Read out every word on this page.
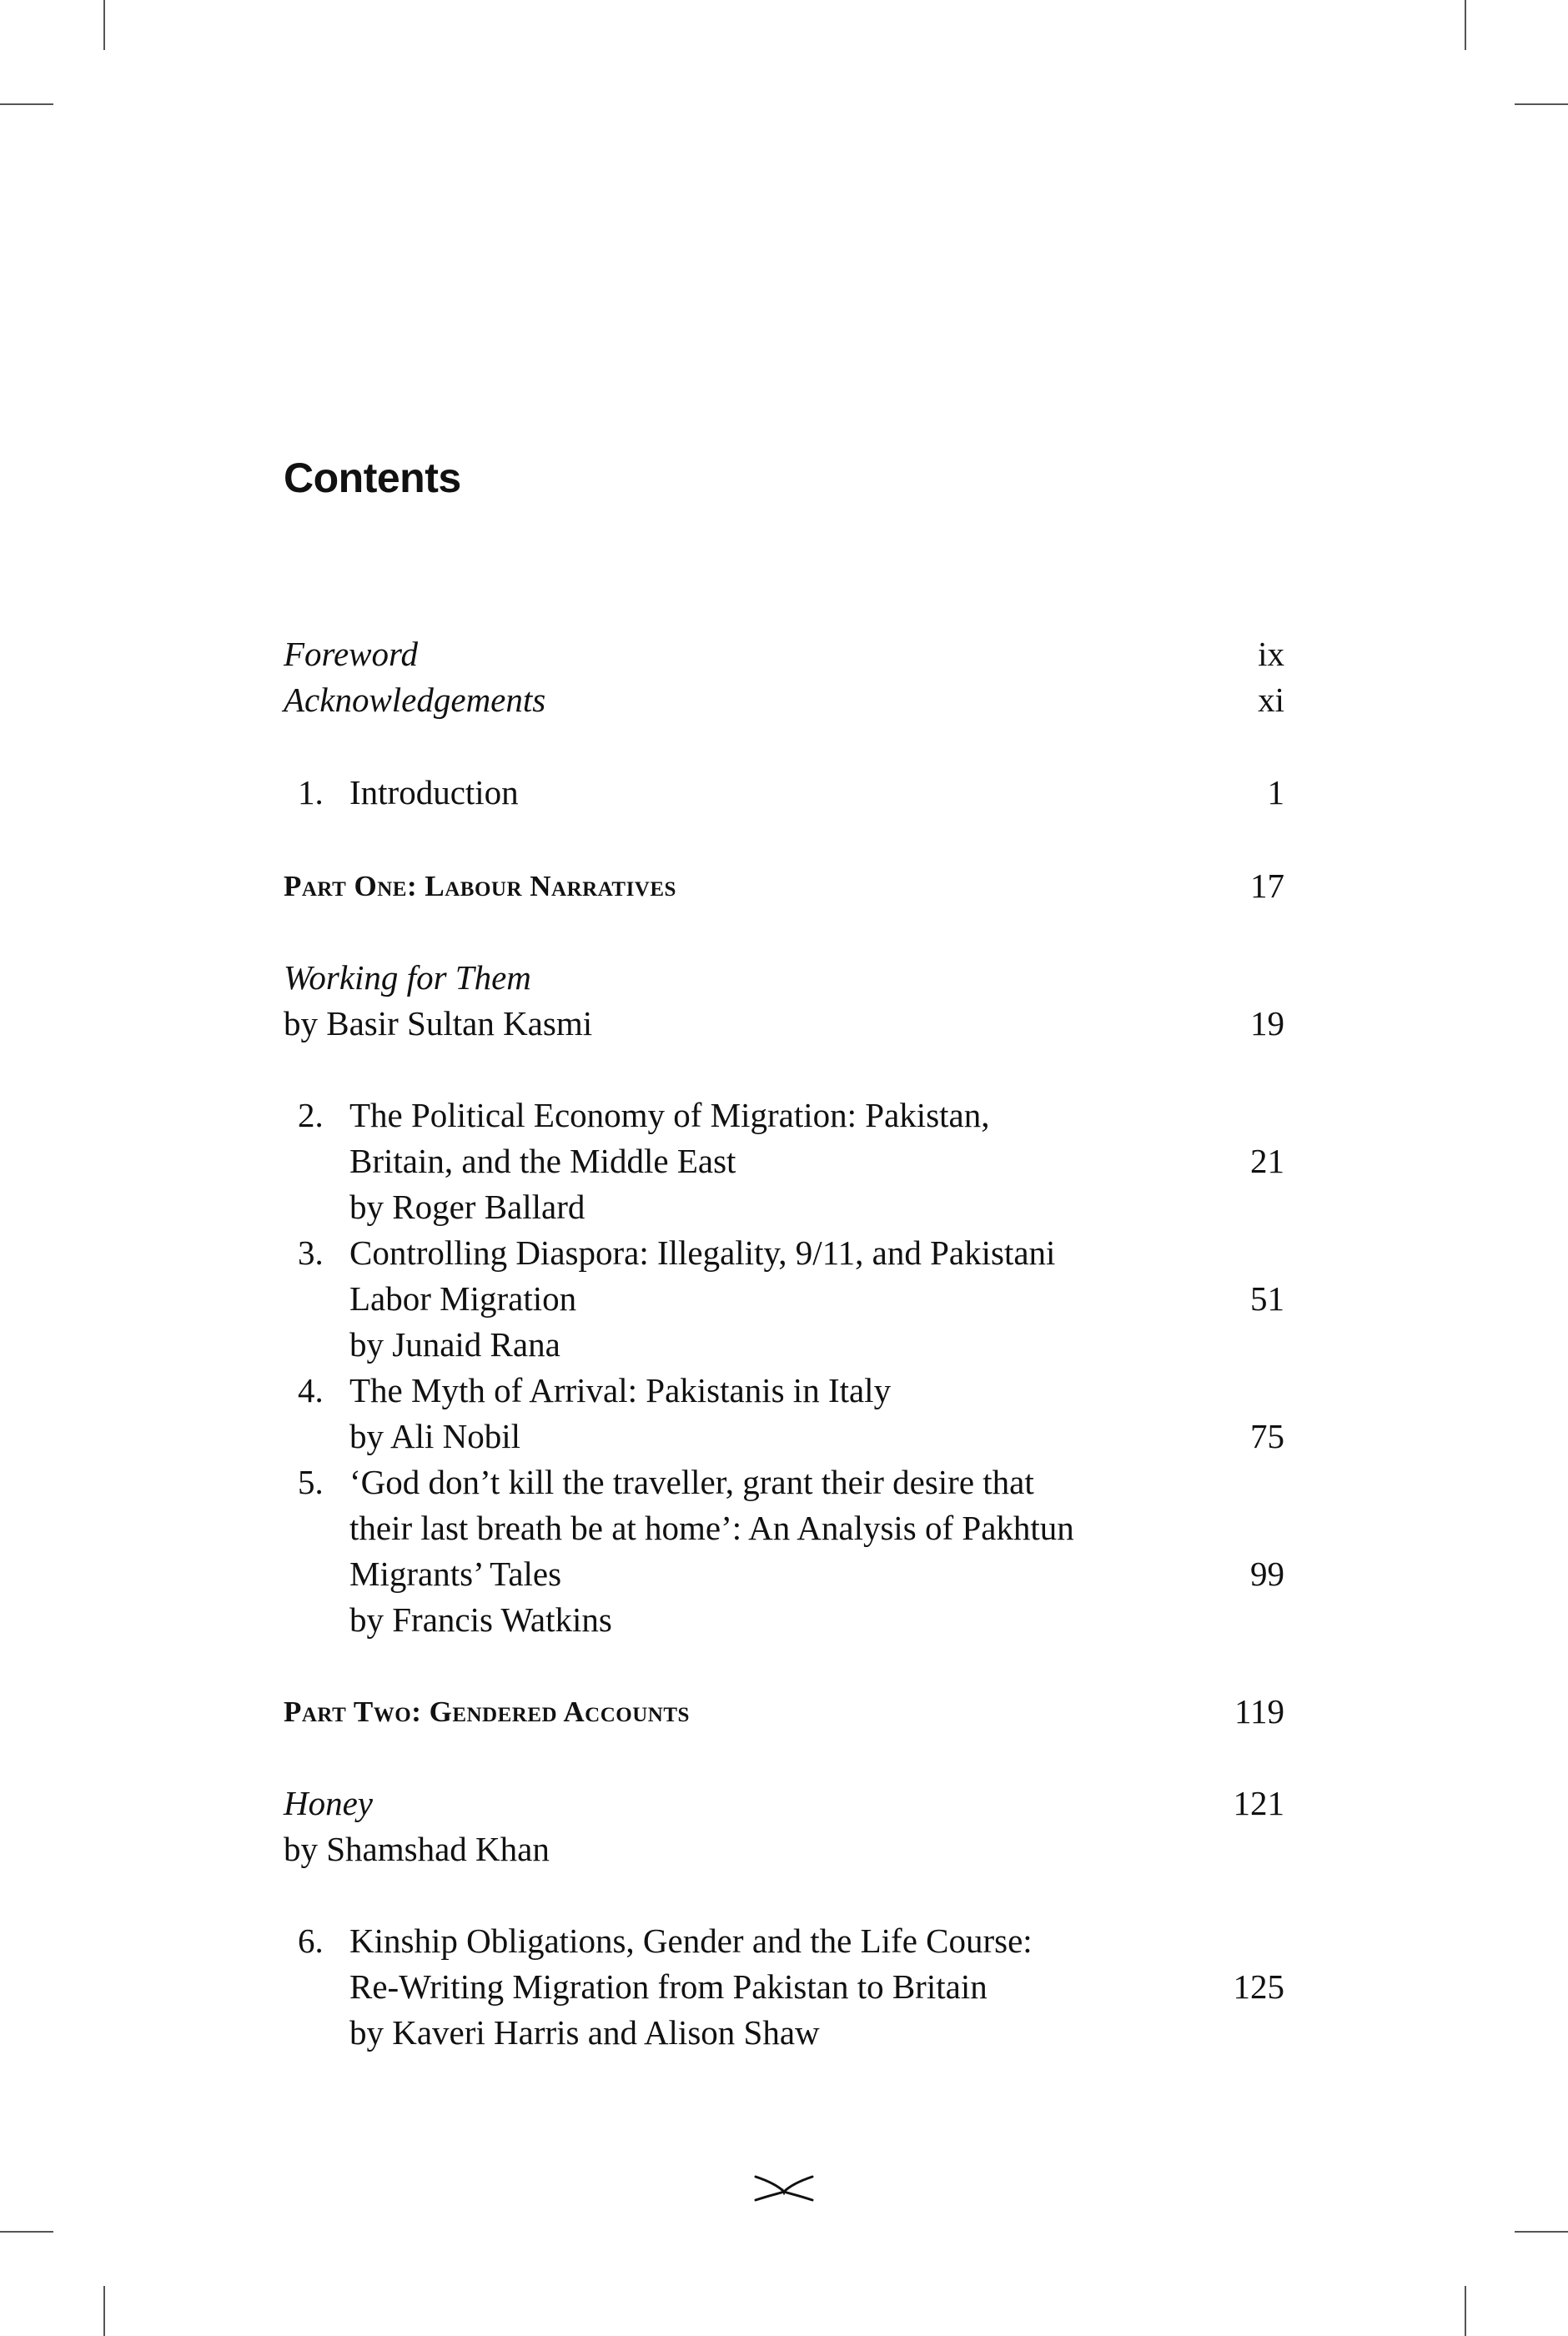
Contents
Foreword	ix
Acknowledgements	xi
1. Introduction	1
Part One: Labour Narratives	17
Working for Them
by Basir Sultan Kasmi	19
2. The Political Economy of Migration: Pakistan,
Britain, and the Middle East	21
by Roger Ballard
3. Controlling Diaspora: Illegality, 9/11, and Pakistani
Labor Migration	51
by Junaid Rana
4. The Myth of Arrival: Pakistanis in Italy
by Ali Nobil	75
5. ‘God don’t kill the traveller, grant their desire that
their last breath be at home’: An Analysis of Pakhtun
Migrants’ Tales	99
by Francis Watkins
Part Two: Gendered Accounts	119
Honey	121
by Shamshad Khan
6. Kinship Obligations, Gender and the Life Course:
Re-Writing Migration from Pakistan to Britain	125
by Kaveri Harris and Alison Shaw
v
